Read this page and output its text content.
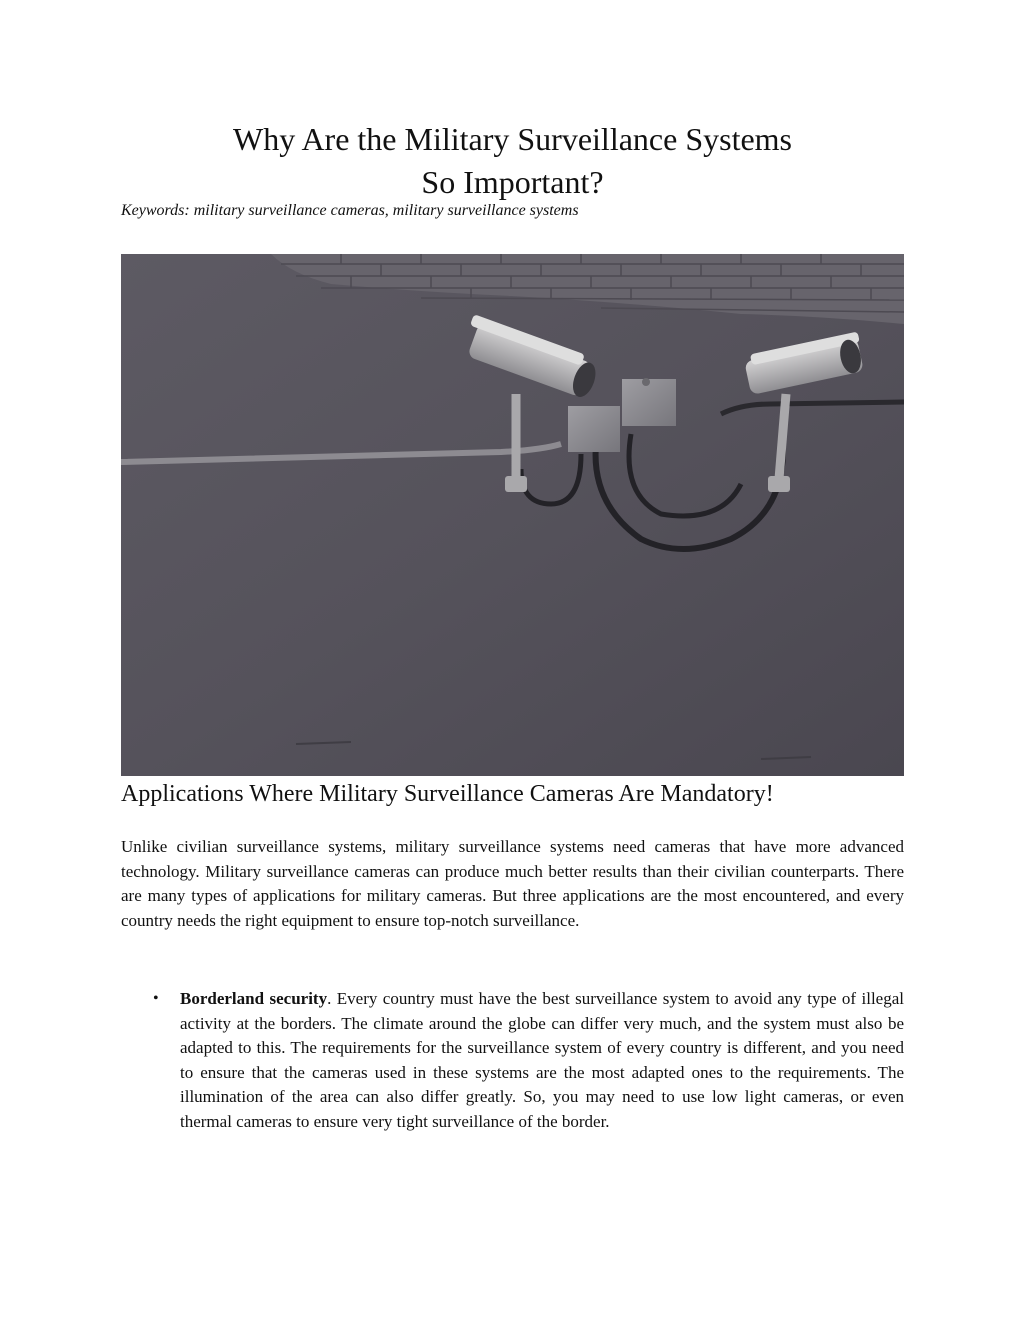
Why Are the Military Surveillance Systems So Important?
Keywords: military surveillance cameras, military surveillance systems
Applications Where Military Surveillance Cameras Are Mandatory!

Unlike civilian surveillance systems, military surveillance systems need cameras that have more advanced technology. Military surveillance cameras can produce much better results than their civilian counterparts. There are many types of applications for military cameras. But three applications are the most encountered, and every country needs the right equipment to ensure top-notch surveillance.

• Borderland security. Every country must have the best surveillance system to avoid any type of illegal activity at the borders. The climate around the globe can differ very much, and the system must also be adapted to this. The requirements for the surveillance system of every country is different, and you need to ensure that the cameras used in these systems are the most adapted ones to the requirements. The illumination of the area can also differ greatly. So, you may need to use low light cameras, or even thermal cameras to ensure very tight surveillance of the border.
